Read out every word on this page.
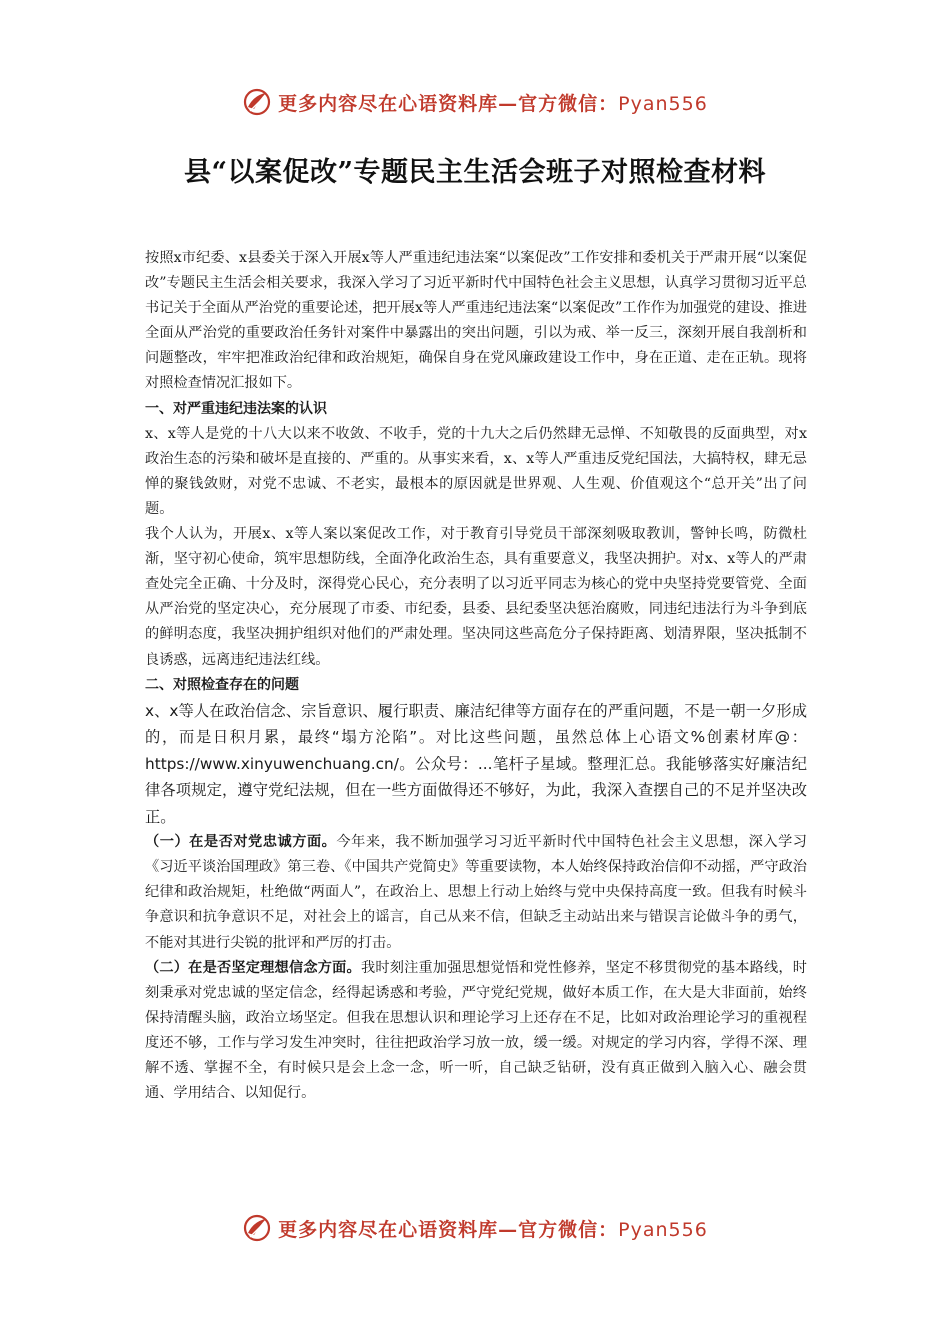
更多内容尽在心语资料库—官方微信：Pyan556
县“以案促改”专题民主生活会班子对照检查材料

按照x市纪委、x县委关于深入开展x等人严重违纪违法案“以案促改”工作安排和委机关于严肃开展“以案促改”专题民主生活会相关要求，我深入学习了习近平新时代中国特色社会主义思想，认真学习贯彻习近平总书记关于全面从严治党的重要论述，把开展x等人严重违纪违法案“以案促改”工作作为加强党的建设、推进全面从严治党的重要政治任务针对案件中暴露出的突出问题，引以为戒、举一反三，深刻开展自我剖析和问题整改，牢牢把准政治纪律和政治规矩，确保自身在党风廉政建设工作中，身在正道、走在正轨。现将对照检查情况汇报如下。

一、对严重违纪违法案的认识

x、x等人是党的十八大以来不收敛、不收手，党的十九大之后仍然肆无忌惮、不知敬畏的反面典型，对x政治生态的污染和破坏是直接的、严重的。从事实来看，x、x等人严重违反党纪国法，大搞特权，肆无忌惮的聚钱敛财，对党不忠诚、不老实，最根本的原因就是世界观、人生观、价值观这个“总开关”出了问题。

我个人认为，开展x、x等人案以案促改工作，对于教育引导党员干部深刻吸取教训，警钟长鸣，防微杜渐，坚守初心使命，筑牢思想防线，全面净化政治生态，具有重要意义，我坚决拥护。对x、x等人的严肃查处完全正确、十分及时，深得党心民心，充分表明了以习近平同志为核心的党中央坚持党要管党、全面从严治党的坚定决心，充分展现了市委、市纪委，县委、县纪委坚决惩治腐败，同违纪违法行为斗争到底的鲜明态度，我坚决拥护组织对他们的严肃处理。坚决同这些高危分子保持距离、划清界限，坚决抵制不良诱惑，远离违纪违法红线。

二、对照检查存在的问题

x、x等人在政治信念、宗旨意识、履行职责、廉洁纪律等方面存在的严重问题，不是一朝一夕形成的，而是日积月累，最终“塌方沦陷”。对比这些问题，虽然总体上心语文%创素材库@：https://www.xinyuwenchuang.cn/。公众号：...笔杆子星域。整理汇总。我能够落实好廉洁纪律各项规定，遵守党纪法规，但在一些方面做得还不够好，为此，我深入查摆自己的不足并坚决改正。

（一）在是否对党忠诚方面。今年来，我不断加强学习习近平新时代中国特色社会主义思想，深入学习《习近平谈治国理政》第三卷、《中国共产党简史》等重要读物，本人始终保持政治信仰不动摇，严守政治纪律和政治规矩，杜绝做“两面人”，在政治上、思想上行动上始终与党中央保持高度一致。但我有时候斗争意识和抗争意识不足，对社会上的谣言，自己从来不信，但缺乏主动站出来与错误言论做斗争的勇气，不能对其进行尖锐的批评和严厉的打击。

（二）在是否坚定理想信念方面。我时刻注重加强思想觉悟和党性修养，坚定不移贯彻党的基本路线，时刻秉承对党忠诚的坚定信念，经得起诱惑和考验，严守党纪党规，做好本质工作，在大是大非面前，始终保持清醒头脑，政治立场坚定。但我在思想认识和理论学习上还存在不足，比如对政治理论学习的重视程度还不够，工作与学习发生冲突时，往往把政治学习放一放，缓一缓。对规定的学习内容，学得不深、理解不透、掌握不全，有时候只是会上念一念，听一听，自己缺乏钻研，没有真正做到入脑入心、融会贯通、学用结合、以知促行。

更多内容尽在心语资料库—官方微信：Pyan556
